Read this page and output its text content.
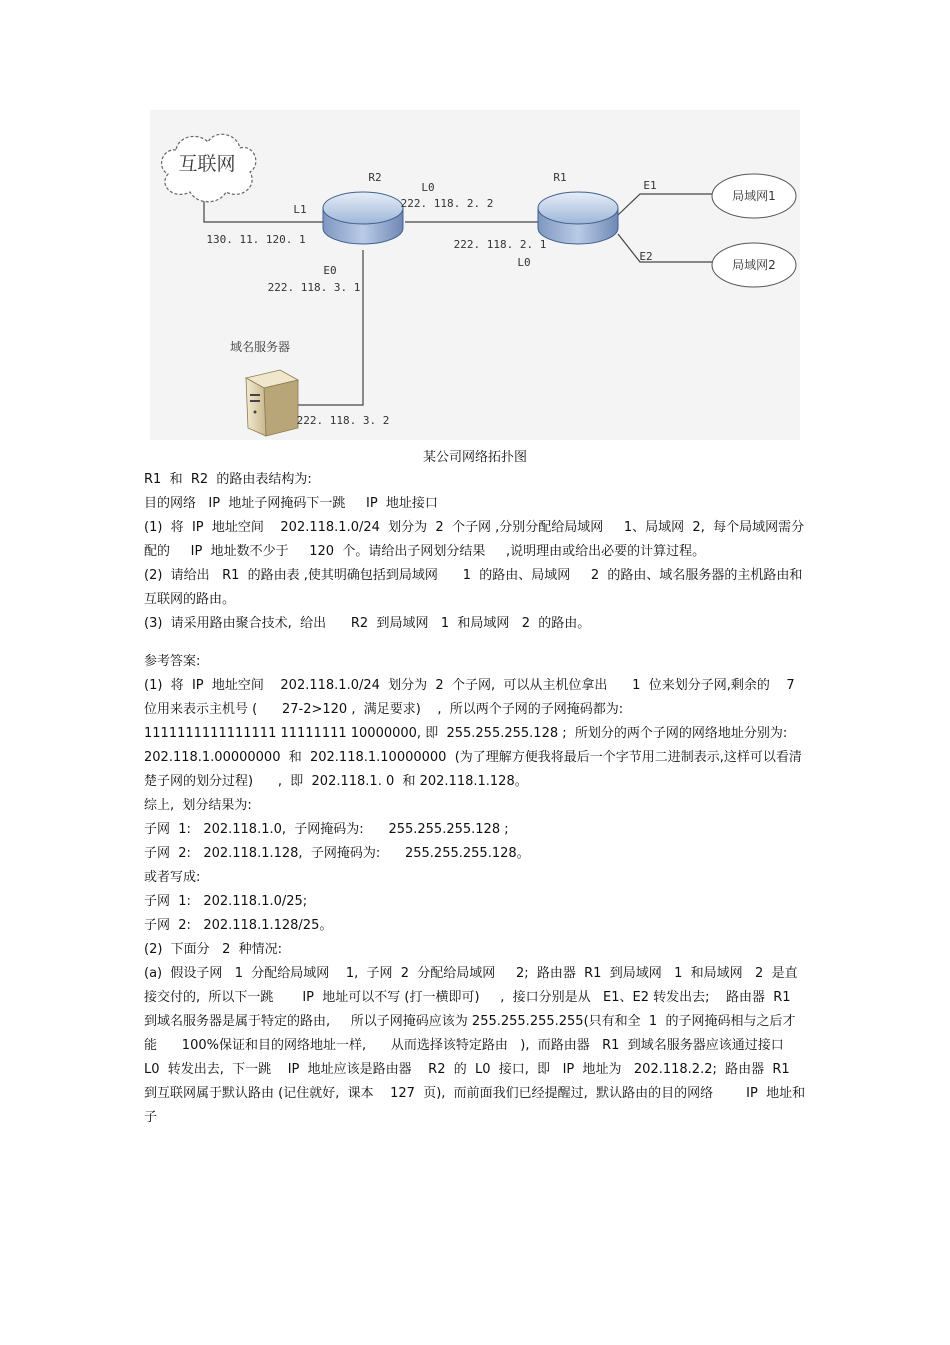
互联网
局域网1
局域网2
R2	R1
L1
130. 11. 120. 1
L0
222. 118. 2. 2
222. 118. 2. 1
L0
E0
222. 118. 3. 1
E1
E2
域名服务器
222. 118. 3. 2
某公司网络拓扑图

R1  和  R2  的路由表结构为:

目的网络   IP  地址子网掩码下一跳     IP  地址接口

(1)  将  IP  地址空间    202.118.1.0/24  划分为  2  个子网 ,分别分配给局域网     1、局域网  2,  每个局域网需分配的     IP  地址数不少于     120  个。请给出子网划分结果     ,说明理由或给出必要的计算过程。

(2)  请给出   R1  的路由表 ,使其明确包括到局域网      1  的路由、局域网     2  的路由、域名服务器的主机路由和互联网的路由。

(3)  请采用路由聚合技术,  给出      R2  到局域网   1  和局域网   2  的路由。

参考答案:

(1)  将  IP  地址空间    202.118.1.0/24  划分为  2  个子网,  可以从主机位拿出      1  位来划分子网,剩余的    7  位用来表示主机号 (      27-2>120 ,  满足要求)    ,  所以两个子网的子网掩码都为:

1111111111111111 11111111 10000000, 即  255.255.255.128 ;  所划分的两个子网的网络地址分别为:

202.118.1.00000000  和  202.118.1.10000000  (为了理解方便我将最后一个字节用二进制表示,这样可以看清楚子网的划分过程)      ,  即  202.118.1. 0  和 202.118.1.128。

综上,  划分结果为:

子网  1:   202.118.1.0,  子网掩码为:      255.255.255.128 ;

子网  2:   202.118.1.128,  子网掩码为:      255.255.255.128。

或者写成:

子网  1:   202.118.1.0/25;

子网  2:   202.118.1.128/25。

(2)  下面分   2  种情况:

(a)  假设子网   1  分配给局域网    1,  子网  2  分配给局域网     2;  路由器  R1  到局域网   1  和局域网   2  是直接交付的,  所以下一跳       IP  地址可以不写 (打一横即可)     ,  接口分别是从   E1、E2 转发出去;    路由器  R1  到域名服务器是属于特定的路由,     所以子网掩码应该为 255.255.255.255(只有和全  1  的子网掩码相与之后才能      100%保证和目的网络地址一样,      从而选择该特定路由   ),  而路由器   R1  到域名服务器应该通过接口      L0  转发出去,  下一跳    IP  地址应该是路由器    R2  的  L0  接口,  即   IP  地址为   202.118.2.2;  路由器  R1  到互联网属于默认路由 (记住就好,  课本    127  页),  而前面我们已经提醒过,  默认路由的目的网络        IP  地址和子
